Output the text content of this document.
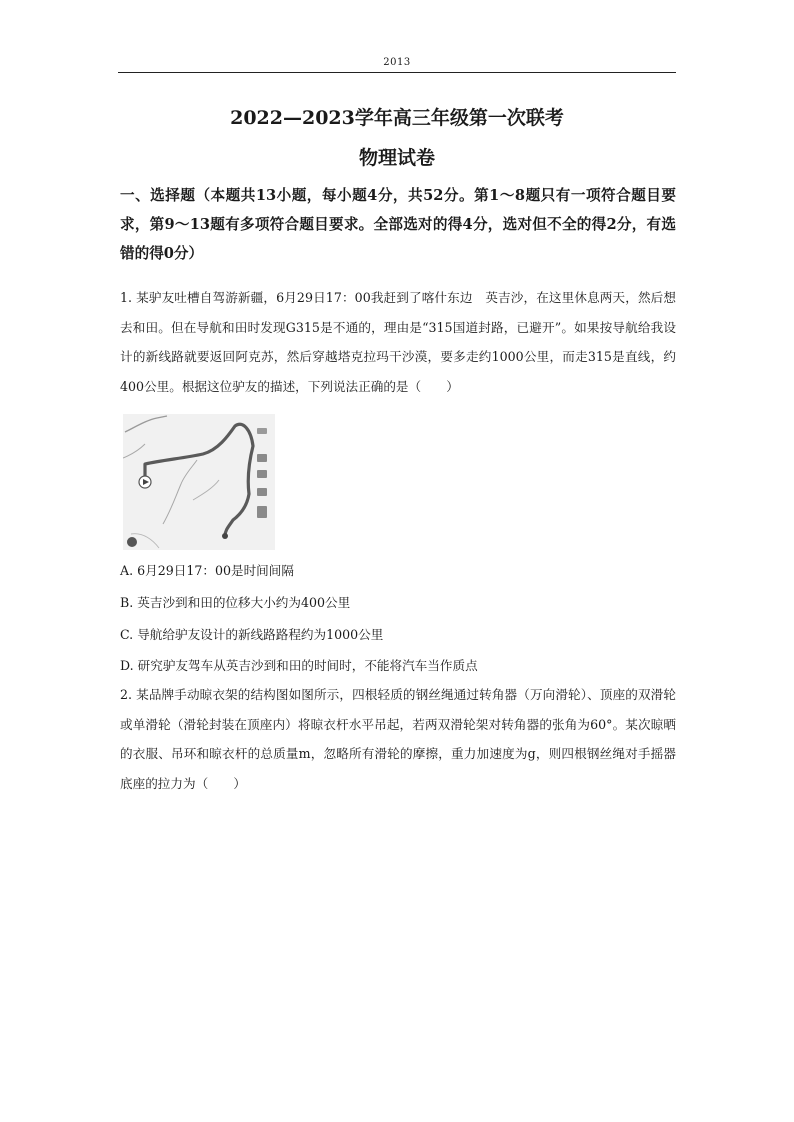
2013
2022—2023学年高三年级第一次联考
物理试卷
一、选择题（本题共13小题，每小题4分，共52分。第1～8题只有一项符合题目要求，第9～13题有多项符合题目要求。全部选对的得4分，选对但不全的得2分，有选错的得0分）
1. 某驴友吐槽自驾游新疆，6月29日17：00我赶到了喀什东边　英吉沙，在这里休息两天，然后想去和田。但在导航和田时发现G315是不通的，理由是“315国道封路，已避开”。如果按导航给我设计的新线路就要返回阿克苏，然后穿越塔克拉玛干沙漠，要多走约1000公里，而走315是直线，约400公里。根据这位驴友的描述，下列说法正确的是（　　）
A. 6月29日17：00是时间间隔
B. 英吉沙到和田的位移大小约为400公里
C. 导航给驴友设计的新线路路程约为1000公里
D. 研究驴友驾车从英吉沙到和田的时间时，不能将汽车当作质点
2. 某品牌手动晾衣架的结构图如图所示，四根轻质的钢丝绳通过转角器（万向滑轮）、顶座的双滑轮或单滑轮（滑轮封装在顶座内）将晾衣杆水平吊起，若两双滑轮架对转角器的张角为60°。某次晾晒的衣服、吊环和晾衣杆的总质量m，忽略所有滑轮的摩擦，重力加速度为g，则四根钢丝绳对手摇器底座的拉力为（　　）
